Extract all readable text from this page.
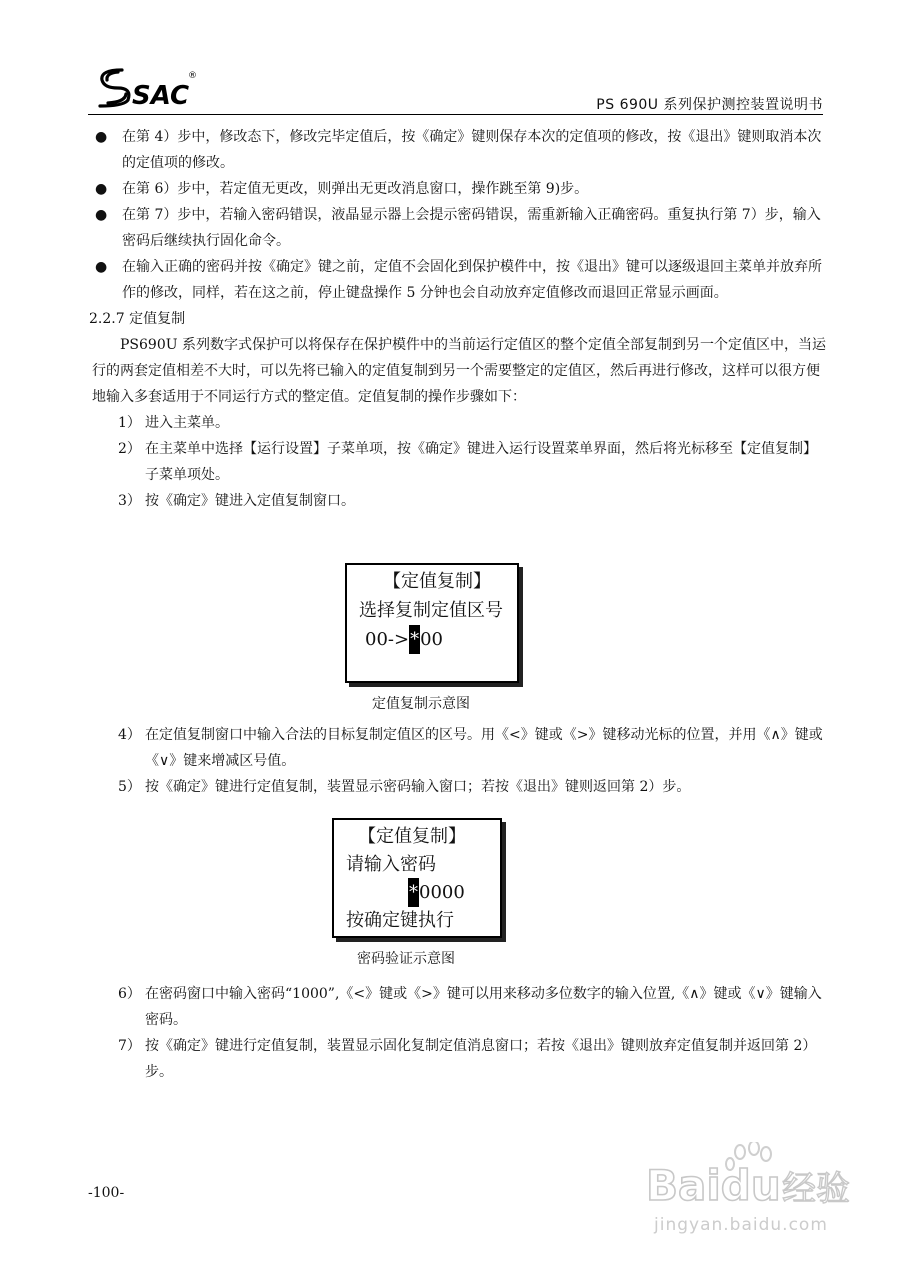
SAC
®
PS 690U 系列保护测控装置说明书
● 在第 4）步中，修改态下，修改完毕定值后，按《确定》键则保存本次的定值项的修改，按《退出》键则取消本次的定值项的修改。
● 在第 6）步中，若定值无更改，则弹出无更改消息窗口，操作跳至第 9)步。
● 在第 7）步中，若输入密码错误，液晶显示器上会提示密码错误，需重新输入正确密码。重复执行第 7）步，输入密码后继续执行固化命令。
● 在输入正确的密码并按《确定》键之前，定值不会固化到保护模件中，按《退出》键可以逐级退回主菜单并放弃所作的修改，同样，若在这之前，停止键盘操作 5 分钟也会自动放弃定值修改而退回正常显示画面。
2.2.7 定值复制
PS690U 系列数字式保护可以将保存在保护模件中的当前运行定值区的整个定值全部复制到另一个定值区中，当运行的两套定值相差不大时，可以先将已输入的定值复制到另一个需要整定的定值区，然后再进行修改，这样可以很方便地输入多套适用于不同运行方式的整定值。定值复制的操作步骤如下：
1） 进入主菜单。
2） 在主菜单中选择【运行设置】子菜单项，按《确定》键进入运行设置菜单界面，然后将光标移至【定值复制】子菜单项处。
3） 按《确定》键进入定值复制窗口。
【定值复制】
选择复制定值区号
00->*00
定值复制示意图
4） 在定值复制窗口中输入合法的目标复制定值区的区号。用《<》键或《>》键移动光标的位置，并用《∧》键或《∨》键来增减区号值。
5） 按《确定》键进行定值复制，装置显示密码输入窗口；若按《退出》键则返回第 2）步。
【定值复制】
请输入密码
*0000
按确定键执行
密码验证示意图
6） 在密码窗口中输入密码“1000”,《<》键或《>》键可以用来移动多位数字的输入位置,《∧》键或《∨》键输入密码。
7） 按《确定》键进行定值复制，装置显示固化复制定值消息窗口；若按《退出》键则放弃定值复制并返回第 2）步。
-100-	Baidu 经验
jingyan.baidu.com
